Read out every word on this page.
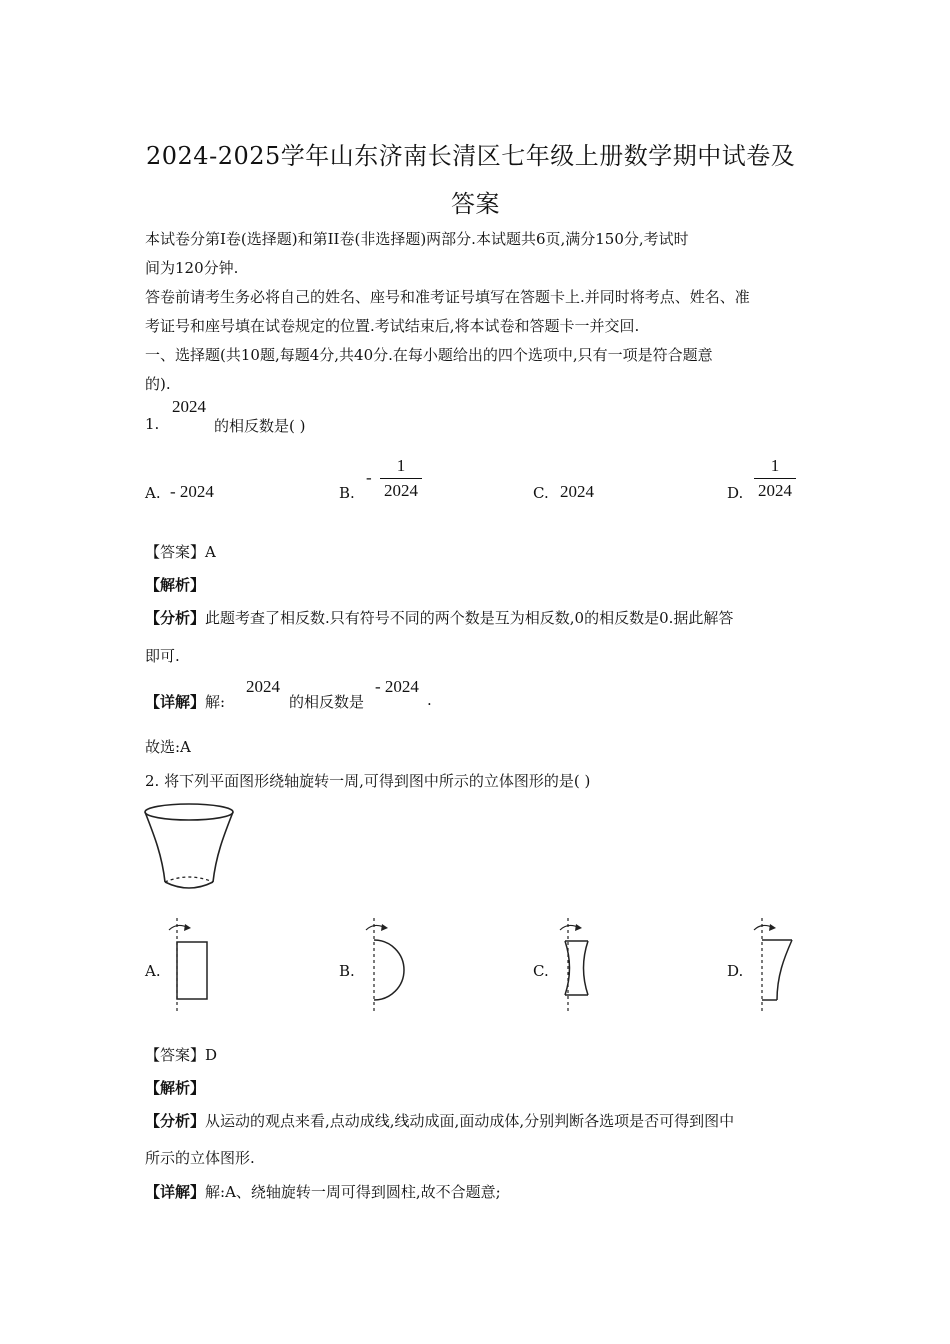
2024-2025学年山东济南长清区七年级上册数学期中试卷及
答案
本试卷分第Ⅰ卷(选择题)和第II卷(非选择题)两部分.本试题共6页,满分150分,考试时
间为120分钟.
答卷前请考生务必将自己的姓名、座号和准考证号填写在答题卡上.并同时将考点、姓名、准
考证号和座号填在试卷规定的位置.考试结束后,将本试卷和答题卡一并交回.
一、选择题(共10题,每题4分,共40分.在每小题给出的四个选项中,只有一项是符合题意
的).
1.
2024
的相反数是( )
A. - 2024	B.
-
1
2024	C. 2024	D.
1
2024
【答案】A
【解析】
【分析】此题考查了相反数.只有符号不同的两个数是互为相反数,0的相反数是0.据此解答
即可.
【详解】解:
2024
的相反数是
- 2024
.
故选:A
2. 将下列平面图形绕轴旋转一周,可得到图中所示的立体图形的是( )
A.	B.	C.	D.
【答案】D
【解析】
【分析】从运动的观点来看,点动成线,线动成面,面动成体,分别判断各选项是否可得到图中
所示的立体图形.
【详解】解:A、绕轴旋转一周可得到圆柱,故不合题意;
